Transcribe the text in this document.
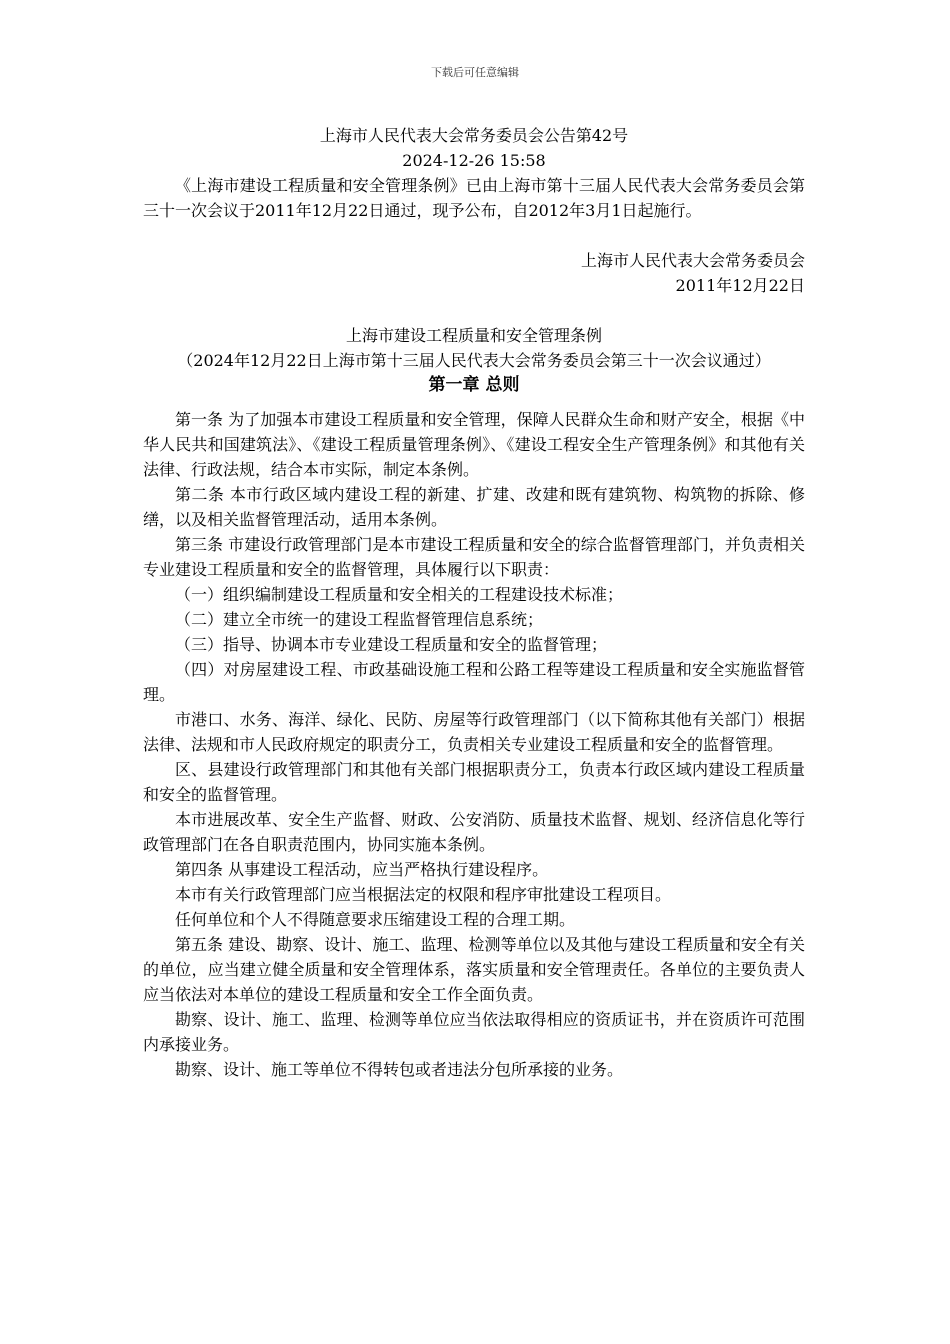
下载后可任意编辑
上海市人民代表大会常务委员会公告第42号
2024-12-26 15:58

《上海市建设工程质量和安全管理条例》已由上海市第十三届人民代表大会常务委员会第三十一次会议于2011年12月22日通过，现予公布，自2012年3月1日起施行。

上海市人民代表大会常务委员会
2011年12月22日
上海市建设工程质量和安全管理条例
（2024年12月22日上海市第十三届人民代表大会常务委员会第三十一次会议通过）
第一章 总则

第一条 为了加强本市建设工程质量和安全管理，保障人民群众生命和财产安全，根据《中华人民共和国建筑法》、《建设工程质量管理条例》、《建设工程安全生产管理条例》和其他有关法律、行政法规，结合本市实际，制定本条例。

第二条 本市行政区域内建设工程的新建、扩建、改建和既有建筑物、构筑物的拆除、修缮，以及相关监督管理活动，适用本条例。

第三条 市建设行政管理部门是本市建设工程质量和安全的综合监督管理部门，并负责相关专业建设工程质量和安全的监督管理，具体履行以下职责：

（一）组织编制建设工程质量和安全相关的工程建设技术标准；

（二）建立全市统一的建设工程监督管理信息系统；

（三）指导、协调本市专业建设工程质量和安全的监督管理；

（四）对房屋建设工程、市政基础设施工程和公路工程等建设工程质量和安全实施监督管理。

市港口、水务、海洋、绿化、民防、房屋等行政管理部门（以下简称其他有关部门）根据法律、法规和市人民政府规定的职责分工，负责相关专业建设工程质量和安全的监督管理。

区、县建设行政管理部门和其他有关部门根据职责分工，负责本行政区域内建设工程质量和安全的监督管理。

本市进展改革、安全生产监督、财政、公安消防、质量技术监督、规划、经济信息化等行政管理部门在各自职责范围内，协同实施本条例。

第四条 从事建设工程活动，应当严格执行建设程序。

本市有关行政管理部门应当根据法定的权限和程序审批建设工程项目。

任何单位和个人不得随意要求压缩建设工程的合理工期。

第五条 建设、勘察、设计、施工、监理、检测等单位以及其他与建设工程质量和安全有关的单位，应当建立健全质量和安全管理体系，落实质量和安全管理责任。各单位的主要负责人应当依法对本单位的建设工程质量和安全工作全面负责。

勘察、设计、施工、监理、检测等单位应当依法取得相应的资质证书，并在资质许可范围内承接业务。

勘察、设计、施工等单位不得转包或者违法分包所承接的业务。
